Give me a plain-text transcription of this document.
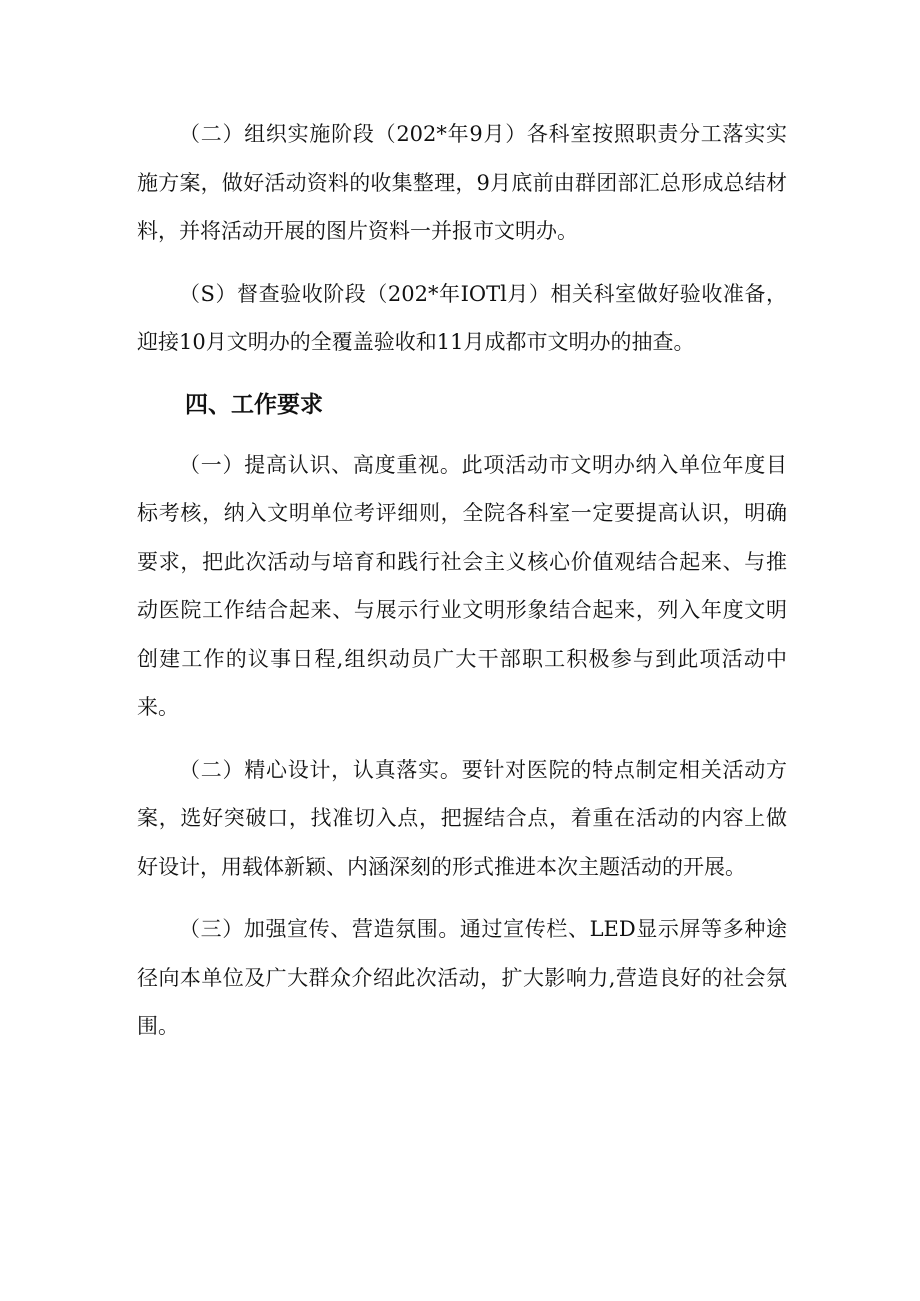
（二）组织实施阶段（202*年9月）各科室按照职责分工落实实施方案，做好活动资料的收集整理，9月底前由群团部汇总形成总结材料，并将活动开展的图片资料一并报市文明办。

（S）督查验收阶段（202*年IOTl月）相关科室做好验收准备，迎接10月文明办的全覆盖验收和11月成都市文明办的抽查。

四、工作要求

（一）提高认识、高度重视。此项活动市文明办纳入单位年度目标考核，纳入文明单位考评细则，全院各科室一定要提高认识，明确要求，把此次活动与培育和践行社会主义核心价值观结合起来、与推动医院工作结合起来、与展示行业文明形象结合起来，列入年度文明创建工作的议事日程,组织动员广大干部职工积极参与到此项活动中来。

（二）精心设计，认真落实。要针对医院的特点制定相关活动方案，选好突破口，找准切入点，把握结合点，着重在活动的内容上做好设计，用载体新颖、内涵深刻的形式推进本次主题活动的开展。

（三）加强宣传、营造氛围。通过宣传栏、LED显示屏等多种途径向本单位及广大群众介绍此次活动，扩大影响力,营造良好的社会氛围。
